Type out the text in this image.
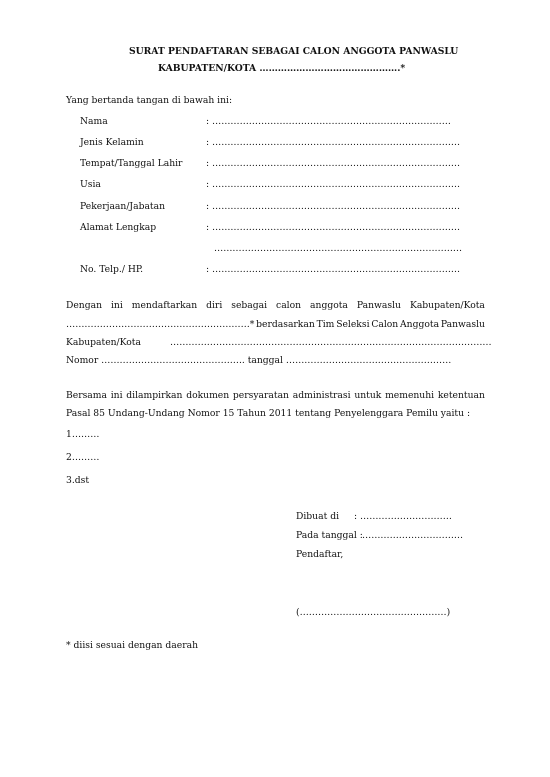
SURAT PENDAFTARAN SEBAGAI CALON ANGGOTA PANWASLU
KABUPATEN/KOTA ……………………………………….*
Yang bertanda tangan di bawah ini:
Nama	: ……………………………………………………………………
Jenis Kelamin	: ………………………………………………………………………
Tempat/Tanggal Lahir	: ………………………………………………………………………
Usia	: ………………………………………………………………………
Pekerjaan/Jabatan	: ………………………………………………………………………
Alamat Lengkap	: ………………………………………………………………………
………………………………………………………………………
No. Telp./ HP.	: ………………………………………………………………………
Dengan ini mendaftarkan diri sebagai calon anggota Panwaslu Kabupaten/Kota
……………………………………………………* berdasarkan Tim Seleksi Calon Anggota Panwaslu
Kabupaten/Kota	……………………………………………………………………………………………
Nomor ……………………………………….. tanggal ………………………………………………
Bersama ini dilampirkan dokumen persyaratan administrasi untuk memenuhi ketentuan
Pasal 85 Undang-Undang Nomor 15 Tahun 2011 tentang Penyelenggara Pemilu yaitu :
1………
2………
3.dst
Dibuat di : …………………………
Pada tanggal : ……………………………
Pendaftar,
(…………………………………………)
* diisi sesuai dengan daerah
